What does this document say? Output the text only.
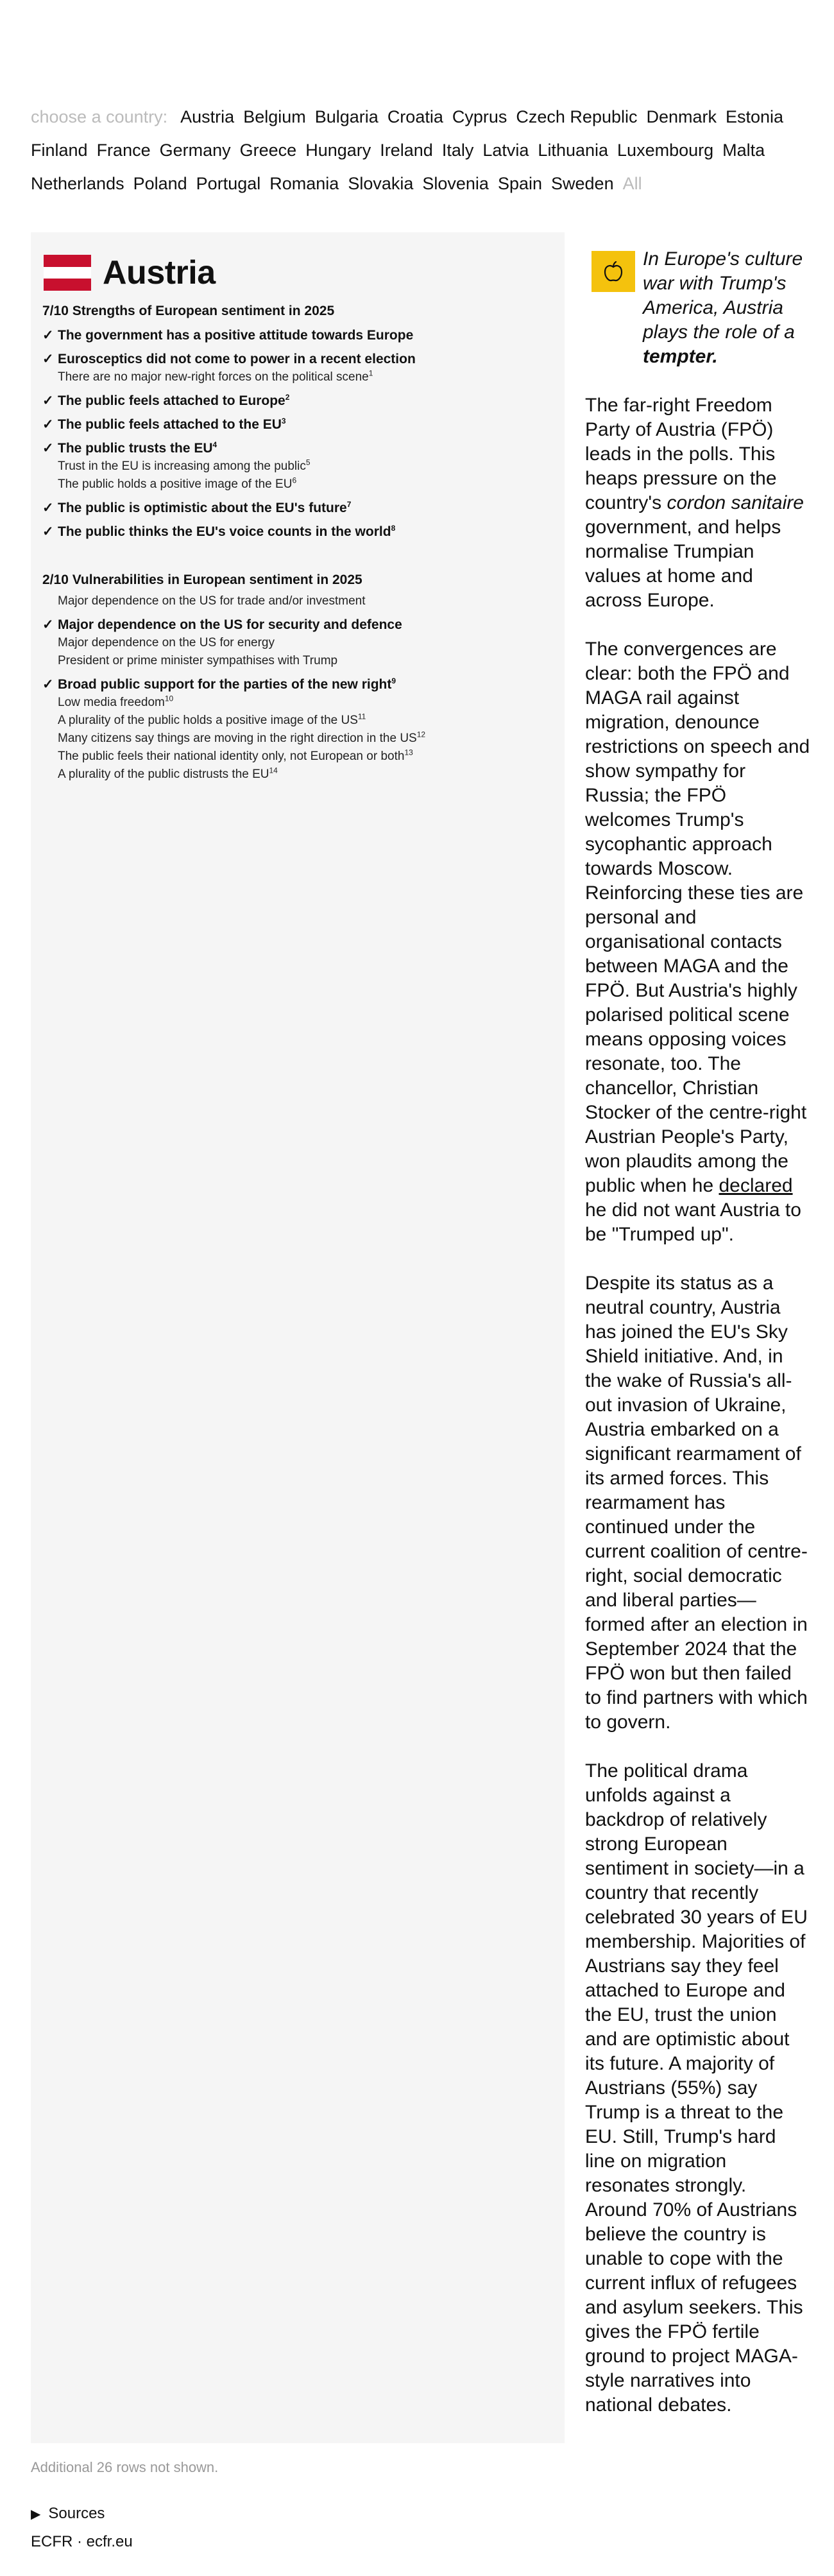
choose a country: Austria Belgium Bulgaria Croatia Cyprus Czech Republic Denmark Estonia
Finland France Germany Greece Hungary Ireland Italy Latvia Lithuania Luxembourg Malta
Netherlands Poland Portugal Romania Slovakia Slovenia Spain Sweden All
Austria
7/10 Strengths of European sentiment in 2025
✓ The government has a positive attitude towards Europe
✓ Eurosceptics did not come to power in a recent election
There are no major new-right forces on the political scene$^1$
✓ The public feels attached to Europe$^2$
✓ The public feels attached to the $EU^3$
✓ The public trusts the $EU^4$
Trust in the EU is increasing among the public$^5$
The public holds a positive image of the $EU^6$
✓ The public is optimistic about the EU's future$^7$
✓ The public thinks the EU's voice counts in the world$^8$
2/10 Vulnerabilities in European sentiment in 2025
Major dependence on the US for trade and/or investment
✓ Major dependence on the US for security and defence
Major dependence on the US for energy
President or prime minister sympathises with Trump
✓ Broad public support for the parties of the new right$^9$
Low media freedom$^{10}$
A plurality of the public holds a positive image of the US$^{11}$
Many citizens say things are moving in the right direction in the US$^{12}$
The public feels their national identity only, not European or both$^{13}$
A plurality of the public distrusts the EU$^{14}$
In Europe's culture war with Trump's America, Austria plays the role of a tempter.

The far-right Freedom Party of Austria (FPÖ) leads in the polls. This heaps pressure on the country's cordon sanitaire government, and helps normalise Trumpian values at home and across Europe.

The convergences are clear: both the FPÖ and MAGA rail against migration, denounce restrictions on speech and show sympathy for Russia; the FPÖ welcomes Trump's sycophantic approach towards Moscow. Reinforcing these ties are personal and organisational contacts between MAGA and the FPÖ. But Austria's highly polarised political scene means opposing voices resonate, too. The chancellor, Christian Stocker of the centre-right Austrian People's Party, won plaudits among the public when he declared he did not want Austria to be "Trumped up".

Despite its status as a neutral country, Austria has joined the EU's Sky Shield initiative. And, in the wake of Russia's all-out invasion of Ukraine, Austria embarked on a significant rearmament of its armed forces. This rearmament has continued under the current coalition of centre-right, social democratic and liberal parties—formed after an election in September 2024 that the FPÖ won but then failed to find partners with which to govern.

The political drama unfolds against a backdrop of relatively strong European sentiment in society—in a country that recently celebrated 30 years of EU membership. Majorities of Austrians say they feel attached to Europe and the EU, trust the union and are optimistic about its future. A majority of Austrians (55%) say Trump is a threat to the EU. Still, Trump's hard line on migration resonates strongly. Around 70% of Austrians believe the country is unable to cope with the current influx of refugees and asylum seekers. This gives the FPÖ fertile ground to project MAGA-style narratives into national debates.

Additional 26 rows not shown.
▶ Sources
ECFR · ecfr.eu
